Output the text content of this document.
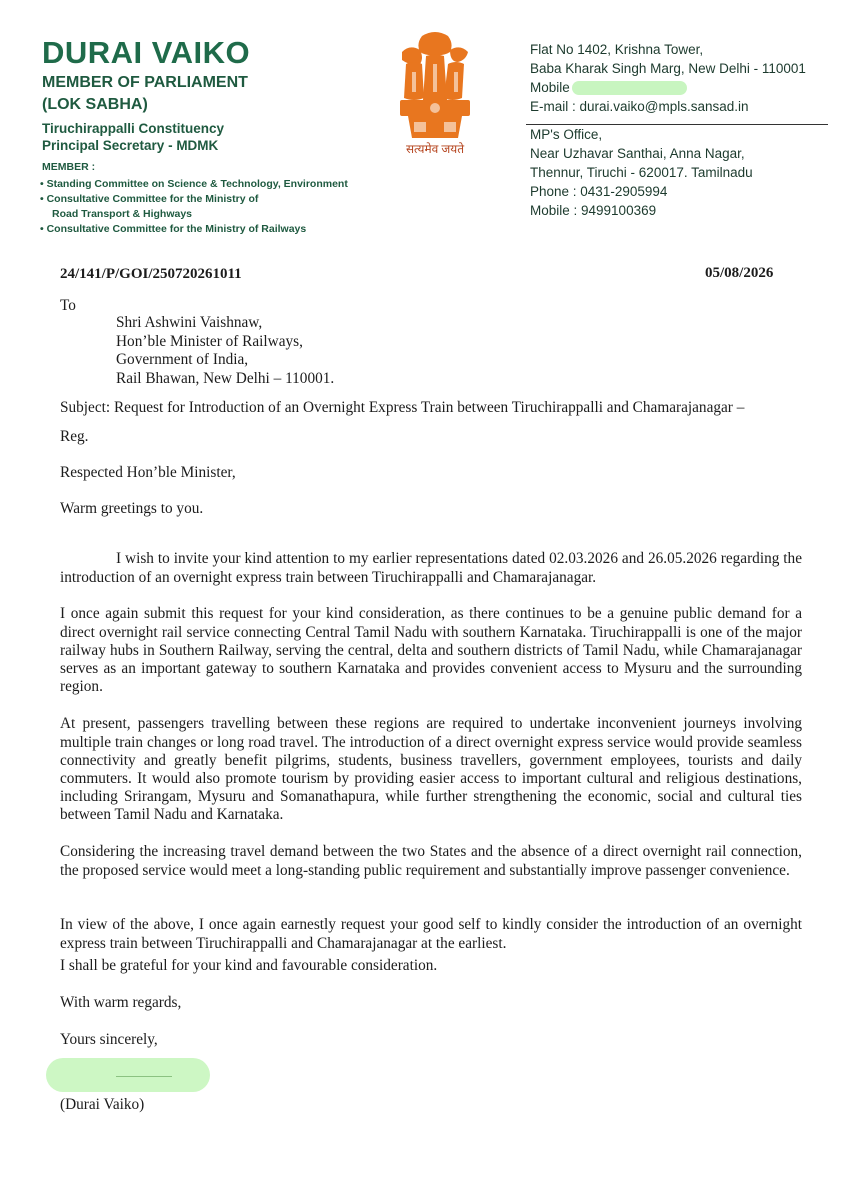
DURAI VAIKO
MEMBER OF PARLIAMENT
(LOK SABHA)
Tiruchirappalli Constituency
Principal Secretary - MDMK
MEMBER :
• Standing Committee on Science & Technology, Environment
• Consultative Committee for the Ministry of
Road Transport & Highways
• Consultative Committee for the Ministry of Railways
सत्यमेव जयते
Flat No 1402, Krishna Tower,
Baba Kharak Singh Marg, New Delhi - 110001
Mobile
E-mail : durai.vaiko@mpls.sansad.in
MP's Office,
Near Uzhavar Santhai, Anna Nagar,
Thennur, Tiruchi - 620017. Tamilnadu
Phone : 0431-2905994
Mobile : 9499100369
24/141/P/GOI/250720261011	05/08/2026
To
Shri Ashwini Vaishnaw,
Hon’ble Minister of Railways,
Government of India,
Rail Bhawan, New Delhi – 110001.
Subject: Request for Introduction of an Overnight Express Train between Tiruchirappalli and Chamarajanagar –
Reg.
Respected Hon’ble Minister,
Warm greetings to you.

I wish to invite your kind attention to my earlier representations dated 02.03.2026 and 26.05.2026 regarding the introduction of an overnight express train between Tiruchirappalli and Chamarajanagar.

I once again submit this request for your kind consideration, as there continues to be a genuine public demand for a direct overnight rail service connecting Central Tamil Nadu with southern Karnataka. Tiruchirappalli is one of the major railway hubs in Southern Railway, serving the central, delta and southern districts of Tamil Nadu, while Chamarajanagar serves as an important gateway to southern Karnataka and provides convenient access to Mysuru and the surrounding region.

At present, passengers travelling between these regions are required to undertake inconvenient journeys involving multiple train changes or long road travel. The introduction of a direct overnight express service would provide seamless connectivity and greatly benefit pilgrims, students, business travellers, government employees, tourists and daily commuters. It would also promote tourism by providing easier access to important cultural and religious destinations, including Srirangam, Mysuru and Somanathapura, while further strengthening the economic, social and cultural ties between Tamil Nadu and Karnataka.

Considering the increasing travel demand between the two States and the absence of a direct overnight rail connection, the proposed service would meet a long-standing public requirement and substantially improve passenger convenience.

In view of the above, I once again earnestly request your good self to kindly consider the introduction of an overnight express train between Tiruchirappalli and Chamarajanagar at the earliest.

I shall be grateful for your kind and favourable consideration.
With warm regards,
Yours sincerely,
(Durai Vaiko)
